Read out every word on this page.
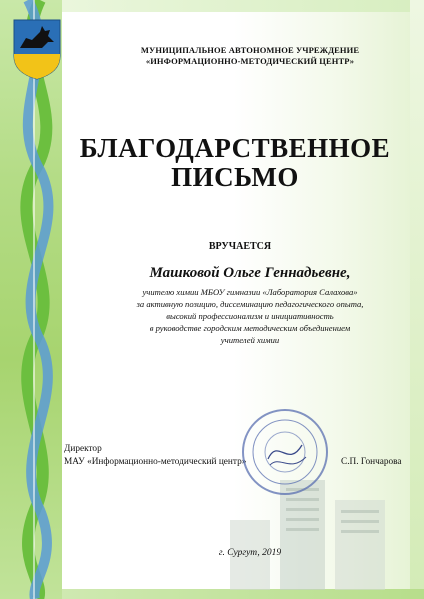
МУНИЦИПАЛЬНОЕ АВТОНОМНОЕ УЧРЕЖДЕНИЕ
«ИНФОРМАЦИОННО-МЕТОДИЧЕСКИЙ ЦЕНТР»
БЛАГОДАРСТВЕННОЕ
ПИСЬМО
ВРУЧАЕТСЯ
Машковой Ольге Геннадьевне,
учителю химии МБОУ гимназии «Лаборатория Салахова»
за активную позицию, диссеминацию педагогического опыта,
высокий профессионализм и инициативность
в руководстве городским методическим объединением
учителей химии
Директор
МАУ «Информационно-методический центр»	С.П. Гончарова
г. Сургут, 2019
